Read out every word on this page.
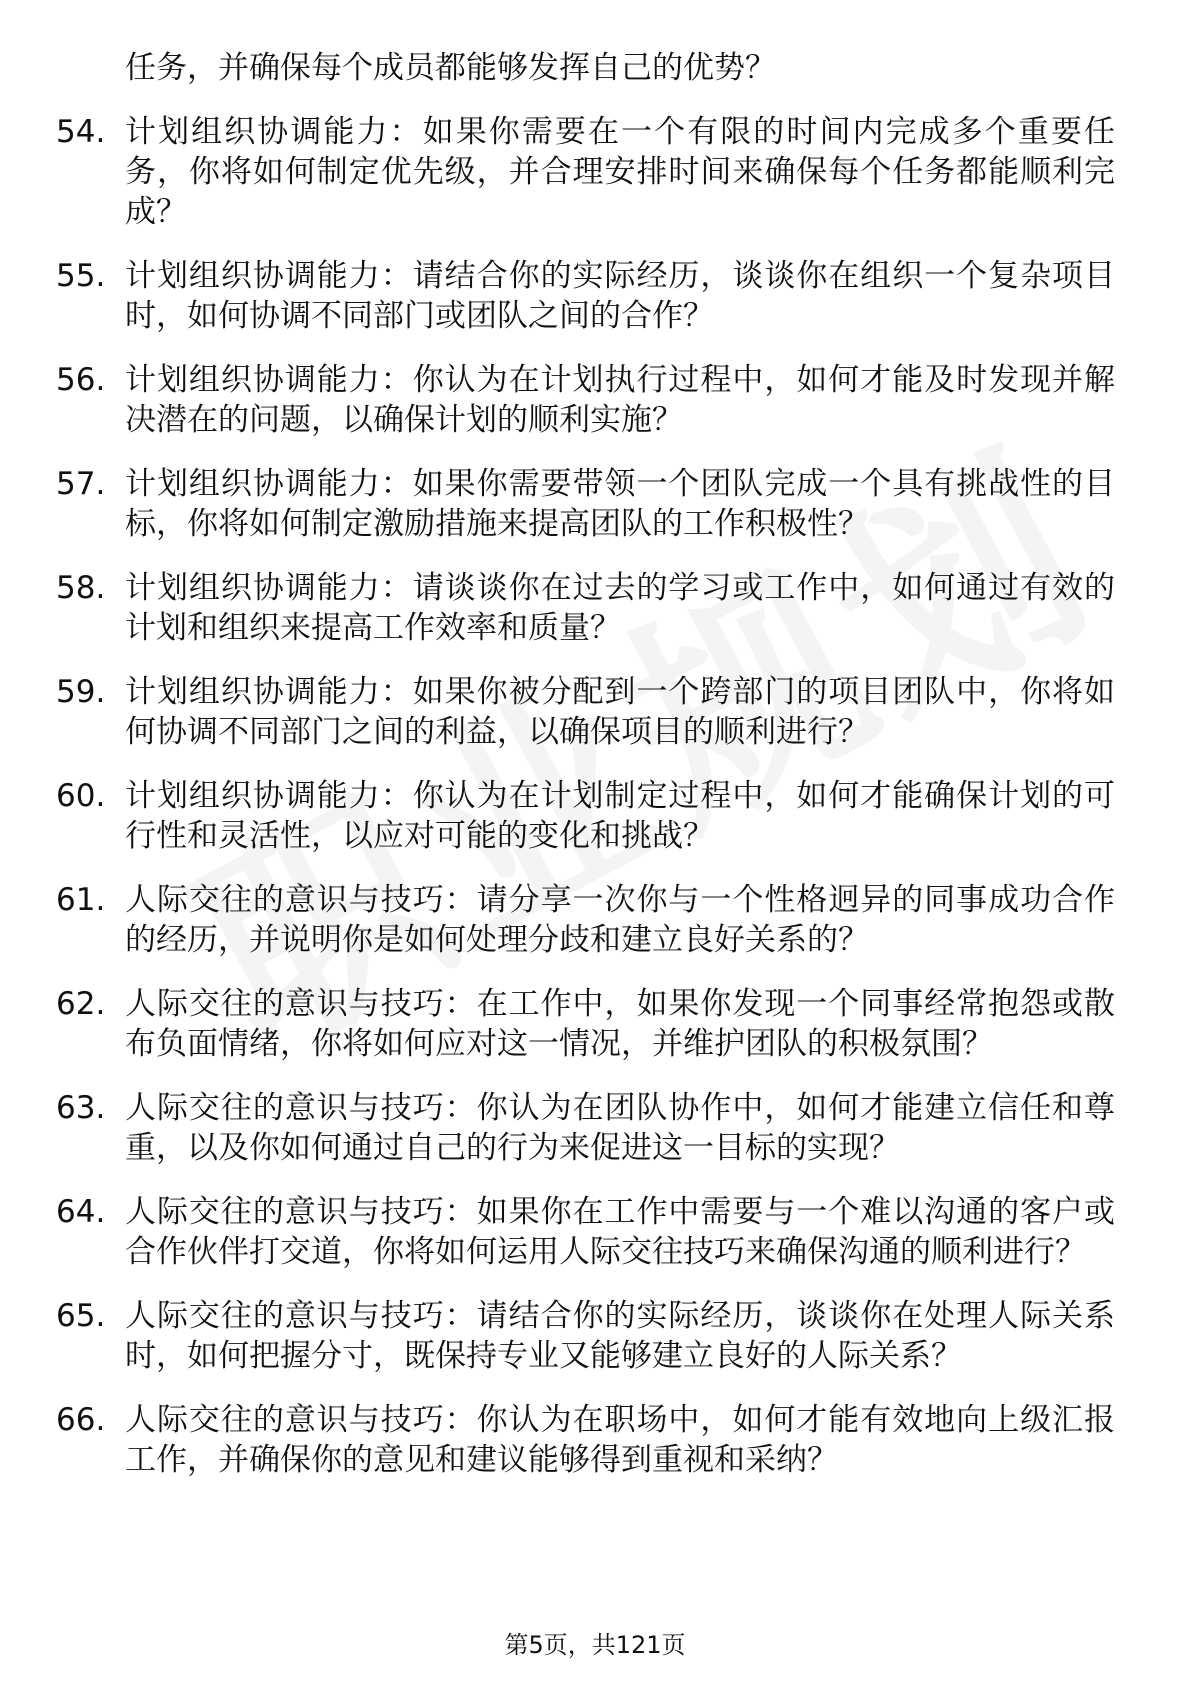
任务，并确保每个成员都能够发挥自己的优势？
54. 计划组织协调能力：如果你需要在一个有限的时间内完成多个重要任务，你将如何制定优先级，并合理安排时间来确保每个任务都能顺利完成？
55. 计划组织协调能力：请结合你的实际经历，谈谈你在组织一个复杂项目时，如何协调不同部门或团队之间的合作？
56. 计划组织协调能力：你认为在计划执行过程中，如何才能及时发现并解决潜在的问题，以确保计划的顺利实施？
57. 计划组织协调能力：如果你需要带领一个团队完成一个具有挑战性的目标，你将如何制定激励措施来提高团队的工作积极性？
58. 计划组织协调能力：请谈谈你在过去的学习或工作中，如何通过有效的计划和组织来提高工作效率和质量？
59. 计划组织协调能力：如果你被分配到一个跨部门的项目团队中，你将如何协调不同部门之间的利益，以确保项目的顺利进行？
60. 计划组织协调能力：你认为在计划制定过程中，如何才能确保计划的可行性和灵活性，以应对可能的变化和挑战？
61. 人际交往的意识与技巧：请分享一次你与一个性格迥异的同事成功合作的经历，并说明你是如何处理分歧和建立良好关系的？
62. 人际交往的意识与技巧：在工作中，如果你发现一个同事经常抱怨或散布负面情绪，你将如何应对这一情况，并维护团队的积极氛围？
63. 人际交往的意识与技巧：你认为在团队协作中，如何才能建立信任和尊重，以及你如何通过自己的行为来促进这一目标的实现？
64. 人际交往的意识与技巧：如果你在工作中需要与一个难以沟通的客户或合作伙伴打交道，你将如何运用人际交往技巧来确保沟通的顺利进行？
65. 人际交往的意识与技巧：请结合你的实际经历，谈谈你在处理人际关系时，如何把握分寸，既保持专业又能够建立良好的人际关系？
66. 人际交往的意识与技巧：你认为在职场中，如何才能有效地向上级汇报工作，并确保你的意见和建议能够得到重视和采纳？
第5页，共121页
